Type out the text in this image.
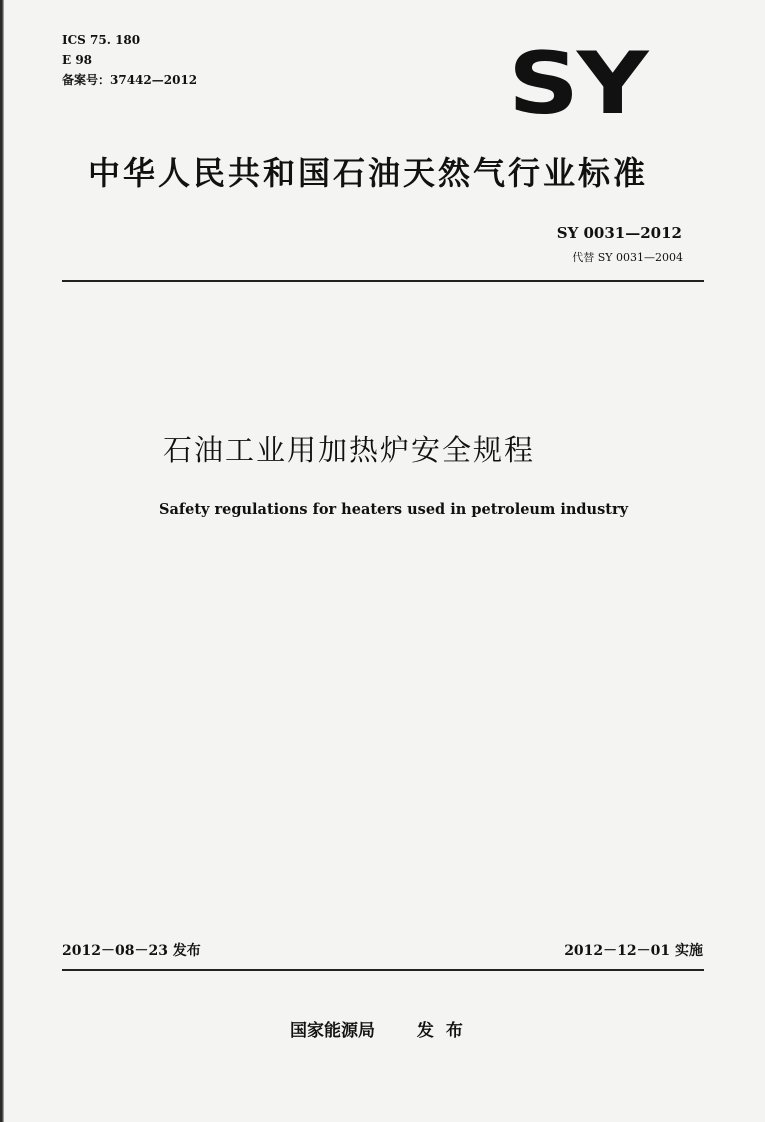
ICS 75. 180
E 98
备案号：37442—2012	SY
中华人民共和国石油天然气行业标准
SY 0031—2012
代替 SY 0031—2004
石油工业用加热炉安全规程
Safety regulations for heaters used in petroleum industry
2012－08－23 发布	2012－12－01 实施
国家能源局 发布
